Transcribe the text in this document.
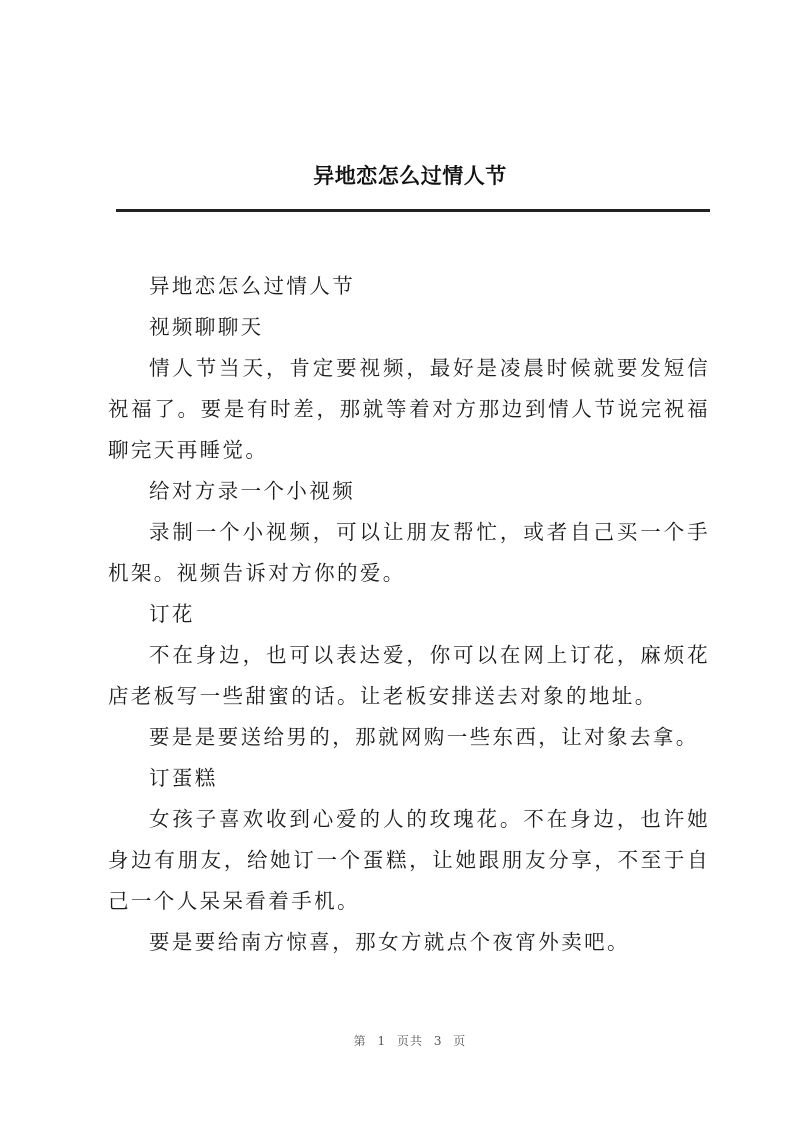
异地恋怎么过情人节

异地恋怎么过情人节

视频聊聊天

情人节当天，肯定要视频，最好是凌晨时候就要发短信祝福了。要是有时差，那就等着对方那边到情人节说完祝福聊完天再睡觉。

给对方录一个小视频

录制一个小视频，可以让朋友帮忙，或者自己买一个手机架。视频告诉对方你的爱。

订花

不在身边，也可以表达爱，你可以在网上订花，麻烦花店老板写一些甜蜜的话。让老板安排送去对象的地址。

要是是要送给男的，那就网购一些东西，让对象去拿。

订蛋糕

女孩子喜欢收到心爱的人的玫瑰花。不在身边，也许她身边有朋友，给她订一个蛋糕，让她跟朋友分享，不至于自己一个人呆呆看着手机。

要是要给南方惊喜，那女方就点个夜宵外卖吧。

第 1 页共 3 页
